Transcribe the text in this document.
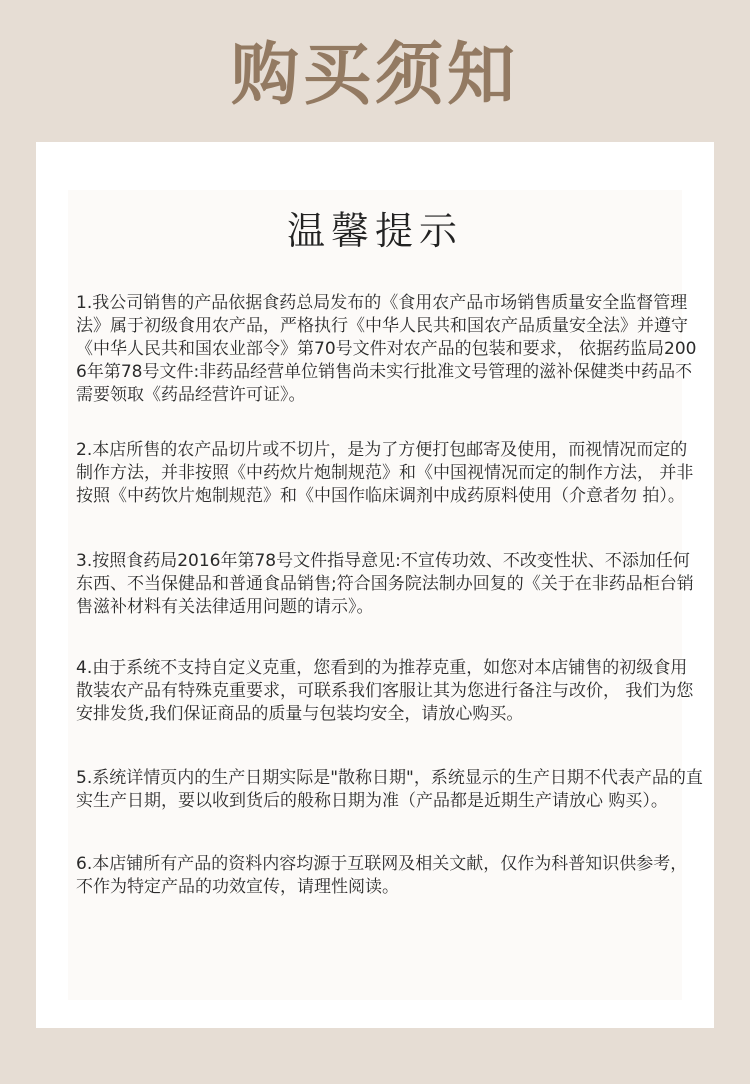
购买须知
温馨提示
1.我公司销售的产品依据食药总局发布的《食用农产品市场销售质量安全监督管理法》属于初级食用农产品，严格执行《中华人民共和国农产品质量安全法》并遵守《中华人民共和国农业部令》第70号文件对农产品的包装和要求， 依据药监局2006年第78号文件:非药品经营单位销售尚未实行批准文号管理的滋补保健类中药品不需要领取《药品经营许可证》。
2.本店所售的农产品切片或不切片，是为了方便打包邮寄及使用，而视情况而定的制作方法，并非按照《中药炊片炮制规范》和《中国视情况而定的制作方法， 并非按照《中药饮片炮制规范》和《中国作临床调剂中成药原料使用（介意者勿 拍）。
3.按照食药局2016年第78号文件指导意见:不宣传功效、不改变性状、不添加任何东西、不当保健品和普通食品销售;符合国务院法制办回复的《关于在非药品柜台销售滋补材料有关法律适用问题的请示》。
4.由于系统不支持自定义克重，您看到的为推荐克重，如您对本店铺售的初级食用散装农产品有特殊克重要求，可联系我们客服让其为您进行备注与改价， 我们为您安排发货,我们保证商品的质量与包装均安全，请放心购买。
5.系统详情页内的生产日期实际是"散称日期"，系统显示的生产日期不代表产品的直实生产日期，要以收到货后的般称日期为准（产品都是近期生产请放心 购买）。
6.本店铺所有产品的资料内容均源于互联网及相关文献，仅作为科普知识供参考，不作为特定产品的功效宣传，请理性阅读。
